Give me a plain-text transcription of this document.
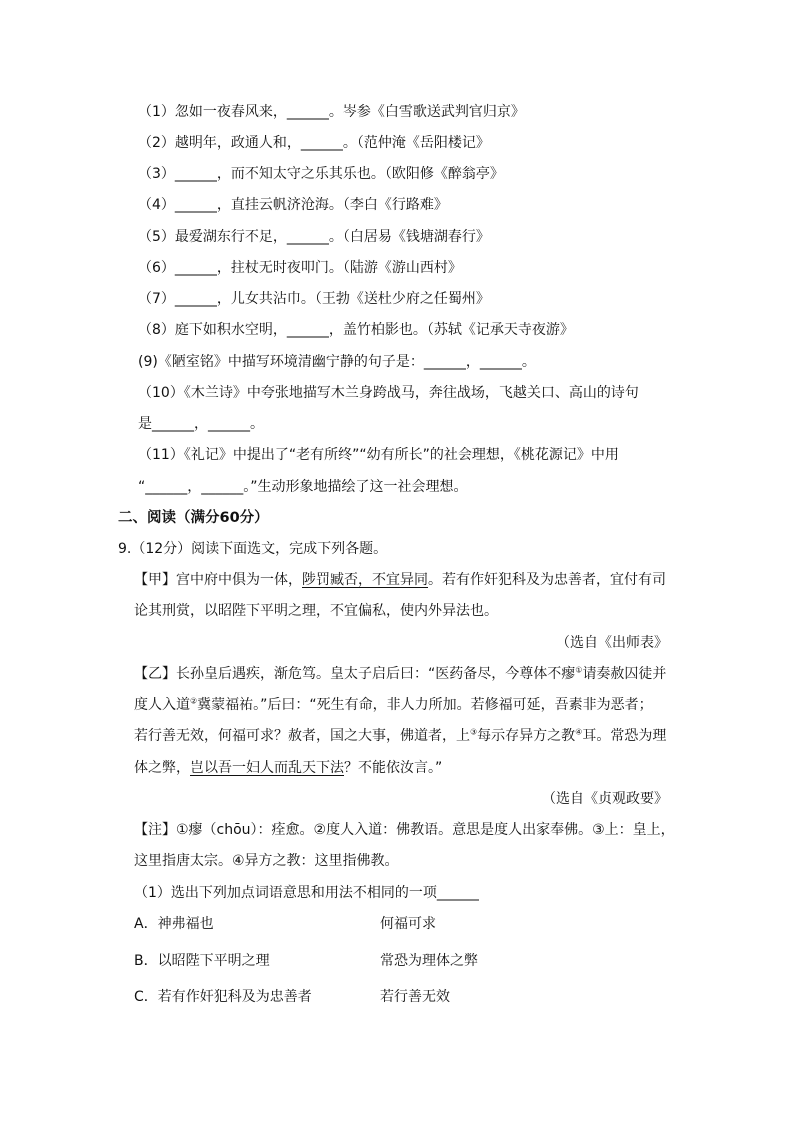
（1）忽如一夜春风来，______。岑参《白雪歌送武判官归京》
（2）越明年，政通人和，______。（范仲淹《岳阳楼记》
（3）______，而不知太守之乐其乐也。（欧阳修《醉翁亭》
（4）______，直挂云帆济沧海。（李白《行路难》
（5）最爱湖东行不足，______。（白居易《钱塘湖春行》
（6）______，拄杖无时夜叩门。（陆游《游山西村》
（7）______，儿女共沾巾。（王勃《送杜少府之任蜀州》
（8）庭下如积水空明，______，盖竹柏影也。（苏轼《记承天寺夜游》
(9)《陋室铭》中描写环境清幽宁静的句子是：______，______。
（10）《木兰诗》中夸张地描写木兰身跨战马，奔往战场，飞越关口、高山的诗句
是______，______。
（11）《礼记》中提出了“老有所终”“幼有所长”的社会理想，《桃花源记》中用
“______，______。”生动形象地描绘了这一社会理想。
二、阅读（满分60分）
9.（12分）阅读下面选文，完成下列各题。
【甲】宫中府中俱为一体，陟罚臧否，不宜异同。若有作奸犯科及为忠善者，宜付有司
论其刑赏，以昭陛下平明之理，不宜偏私，使内外异法也。
（选自《出师表》
【乙】长孙皇后遇疾，渐危笃。皇太子启后曰：“医药备尽，今尊体不瘳①请奏赦囚徒并
度人入道②冀蒙福祐。”后曰：“死生有命，非人力所加。若修福可延，吾素非为恶者；
若行善无效，何福可求？赦者，国之大事，佛道者，上③每示存异方之教④耳。常恐为理
体之弊，岂以吾一妇人而乱天下法？不能依汝言。”
（选自《贞观政要》
【注】①瘳（chōu）：痊愈。②度人入道：佛教语。意思是度人出家奉佛。③上：皇上，
这里指唐太宗。④异方之教：这里指佛教。
（1）选出下列加点词语意思和用法不相同的一项______
A．神弗福也	何福可求
B．以昭陛下平明之理	常恐为理体之弊
C．若有作奸犯科及为忠善者	若行善无效
